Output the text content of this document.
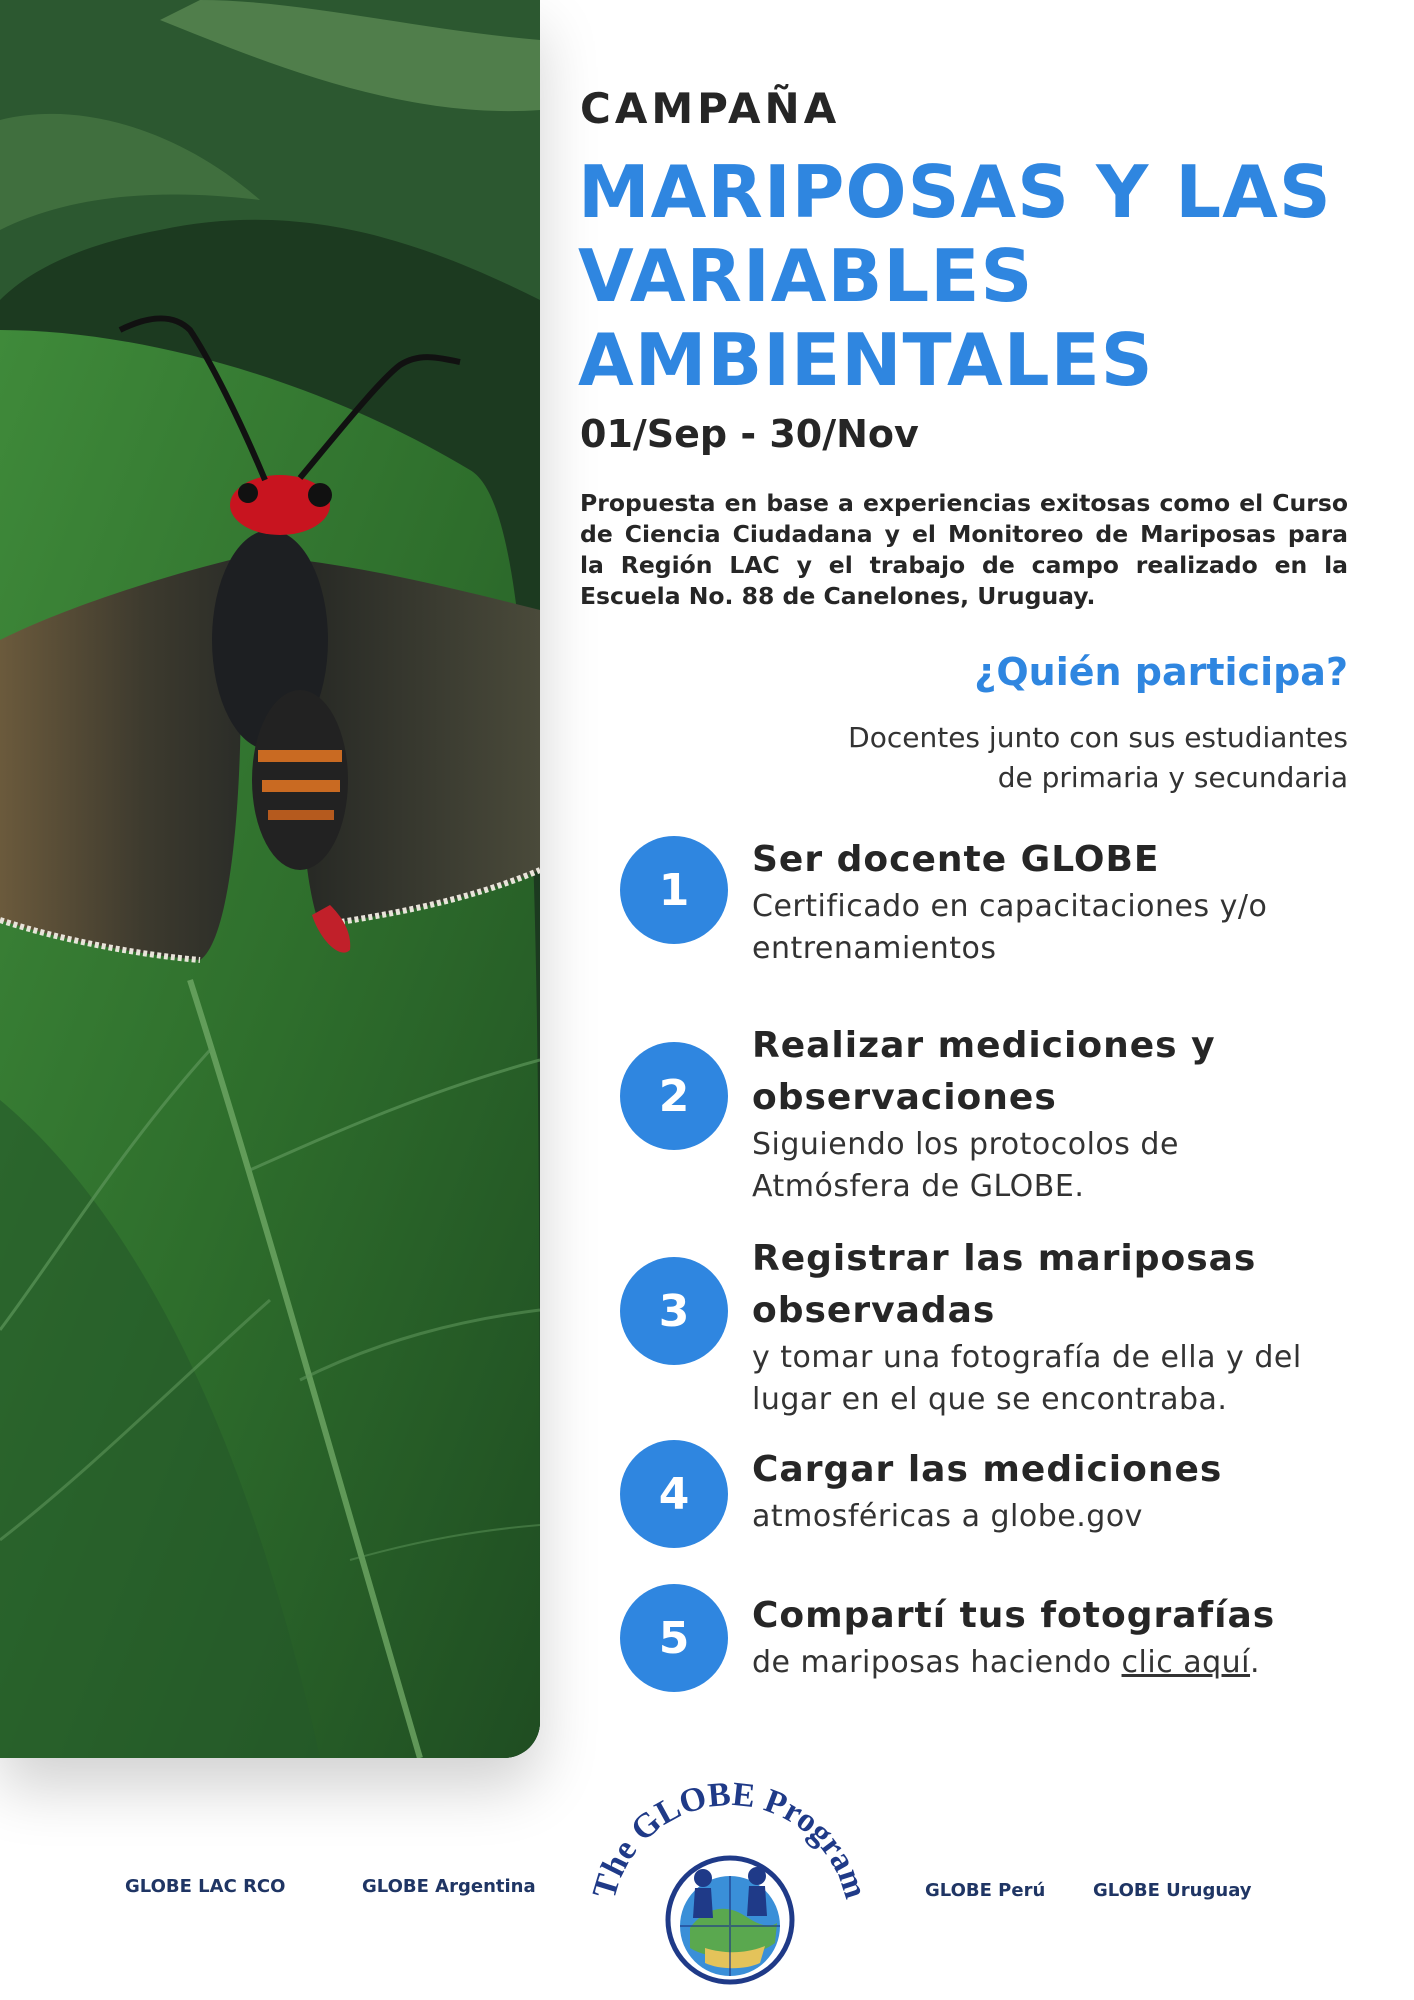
CAMPAÑA
MARIPOSAS Y LAS
VARIABLES
AMBIENTALES
01/Sep - 30/Nov
Propuesta en base a experiencias exitosas como el Curso de Ciencia Ciudadana y el Monitoreo de Mariposas para la Región LAC y el trabajo de campo realizado en la Escuela No. 88 de Canelones, Uruguay.
¿Quién participa?
Docentes junto con sus estudiantes
de primaria y secundaria
1
Ser docente GLOBE
Certificado en capacitaciones y/o
entrenamientos
2
Realizar mediciones y
observaciones
Siguiendo los protocolos de
Atmósfera de GLOBE.
3
Registrar las mariposas
observadas
y tomar una fotografía de ella y del
lugar en el que se encontraba.
4	Cargar las mediciones
atmosféricas a globe.gov
5	Compartí tus fotografías
de mariposas haciendo clic aquí.
GLOBE LAC RCO	GLOBE Argentina	GLOBE Perú	GLOBE Uruguay
The GLOBE Program
